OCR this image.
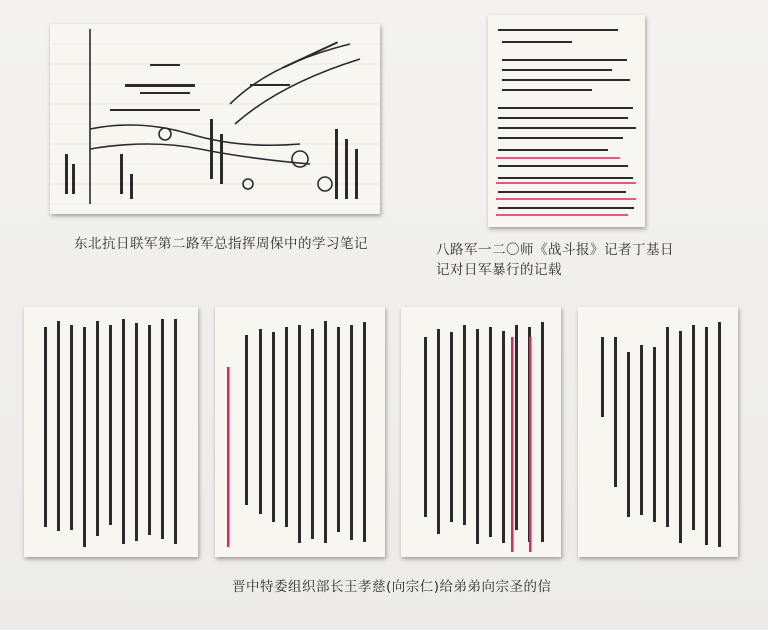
东北抗日联军第二路军总指挥周保中的学习笔记	八路军一二〇师《战斗报》记者丁基日
记对日军暴行的记载
晋中特委组织部长王孝慈(向宗仁)给弟弟向宗圣的信
